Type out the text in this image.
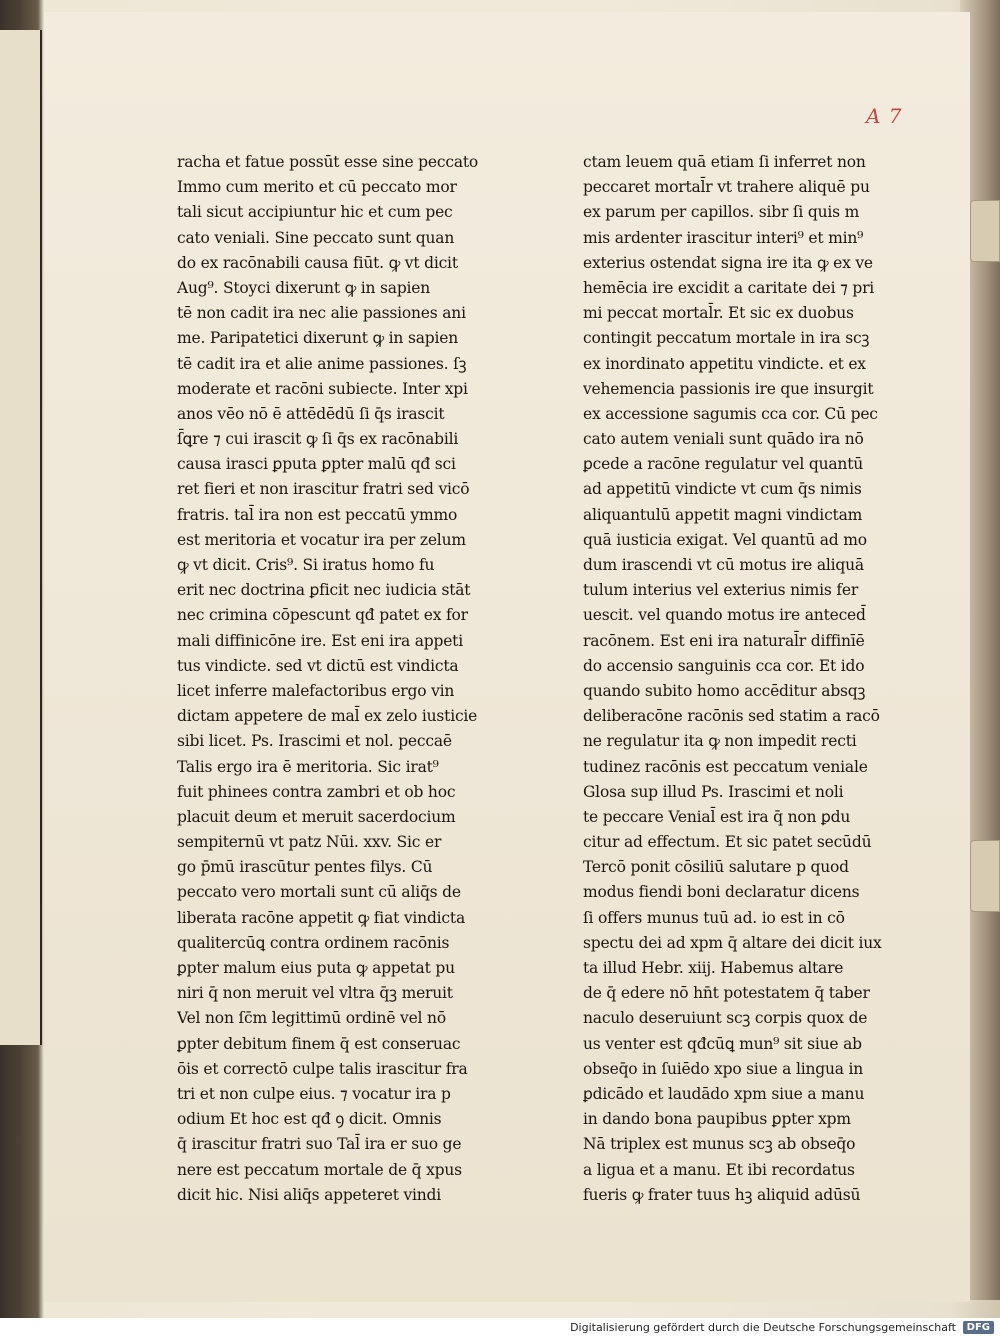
A 7
racha et fatue possūt esse sine peccato
Immo cum merito et cū peccato mor
tali sicut accipiuntur hic et cum pec
cato veniali. Sine peccato sunt quan
do ex racōnabili causa fiūt. ꝙ vt dicit
Aug⁹. Stoyci dixerunt ꝙ in sapien
tē non cadit ira nec alie passiones ani
me. Paripatetici dixerunt ꝙ in sapien
tē cadit ira et alie anime passiones. ſꝫ
moderate et racōni subiecte. Inter xpi
anos vēo nō ē attēdēdū ſi q̄s irascit
ſ̄ꝗre ⁊ cui irascit ꝙ ſi q̄s ex racōnabili
causa irasci ꝑputa ꝑpter malū qđ sci
ret fieri et non irascitur fratri sed vicō
fratris. tal̄ ira non est peccatū ymmo
est meritoria et vocatur ira per zelum
ꝙ vt dicit. Cris⁹. Si iratus homo fu
erit nec doctrina ꝑficit nec iudicia stāt
nec crimina cōpescunt qđ patet ex for
mali diffinicōne ire. Est eni ira appeti
tus vindicte. sed vt dictū est vindicta
licet inferre malefactoribus ergo vin
dictam appetere de mal̄ ex zelo iusticie
sibi licet. Ps. Irascimi et nol. peccaē
Talis ergo ira ē meritoria. Sic irat⁹
fuit phinees contra zambri et ob hoc
placuit deum et meruit sacerdocium
sempiternū vt patz Nūi. xxv. Sic er
go p̄mū irascūtur pentes filys. Cū
peccato vero mortali sunt cū aliq̄s de
liberata racōne appetit ꝙ fiat vindicta
qualitercūꝗ contra ordinem racōnis
ꝑpter malum eius puta ꝙ appetat pu
niri q̄ non meruit vel vltra q̄ꝫ meruit
Vel non ſc̄m legittimū ordinē vel nō
ꝑpter debitum finem q̄ est conseruac
ōis et correctō culpe talis irascitur fra
tri et non culpe eius. ⁊ vocatur ira p
odium Et hoc est qđ ꝯ dicit. Omnis
q̄ irascitur fratri suo Tal̄ ira er suo ge
nere est peccatum mortale de q̄ xpus
dicit hic. Nisi aliq̄s appeteret vindi
ctam leuem quā etiam ſi inferret non
peccaret mortal̄r vt trahere aliquē pu
ex parum per capillos. sibr ſi quis m
mis ardenter irascitur interi⁹ et min⁹
exterius ostendat signa ire ita ꝙ ex ve
hemēcia ire excidit a caritate dei ⁊ pri
mi peccat mortal̄r. Et sic ex duobus
contingit peccatum mortale in ira scꝫ
ex inordinato appetitu vindicte. et ex
vehemencia passionis ire que insurgit
ex accessione sagumis cca cor. Cū pec
cato autem veniali sunt quādo ira nō
ꝑcede a racōne regulatur vel quantū
ad appetitū vindicte vt cum q̄s nimis
aliquantulū appetit magni vindictam
quā iusticia exigat. Vel quantū ad mo
dum irascendi vt cū motus ire aliquā
tulum interius vel exterius nimis fer
uescit. vel quando motus ire anteced̄
racōnem. Est eni ira natural̄r diffinīē
do accensio sanguinis cca cor. Et ido
quando subito homo accēditur absqꝫ
deliberacōne racōnis sed statim a racō
ne regulatur ita ꝙ non impedit recti
tudinez racōnis est peccatum veniale
Glosa sup illud Ps. Irascimi et noli
te peccare Venial̄ est ira q̄ non ꝑdu
citur ad effectum. Et sic patet secūdū
Tercō ponit cōsiliū salutare p quod
modus fiendi boni declaratur dicens
ſi offers munus tuū ad. io est in cō
spectu dei ad xpm q̄ altare dei dicit iux
ta illud Hebr. xiij. Habemus altare
de q̄ edere nō hn̄t potestatem q̄ taber
naculo deseruiunt scꝫ corpis quox de
us venter est qđcūꝗ mun⁹ sit siue ab
obseq̄o in ſuiēdo xpo siue a lingua in
ꝑdicādo et laudādo xpm siue a manu
in dando bona paupibus ꝑpter xpm
Nā triplex est munus scꝫ ab obseq̄o
a ligua et a manu. Et ibi recordatus
fueris ꝙ frater tuus hꝫ aliquid adūsū
Digitalisierung gefördert durch die Deutsche Forschungsgemeinschaft	DFG
